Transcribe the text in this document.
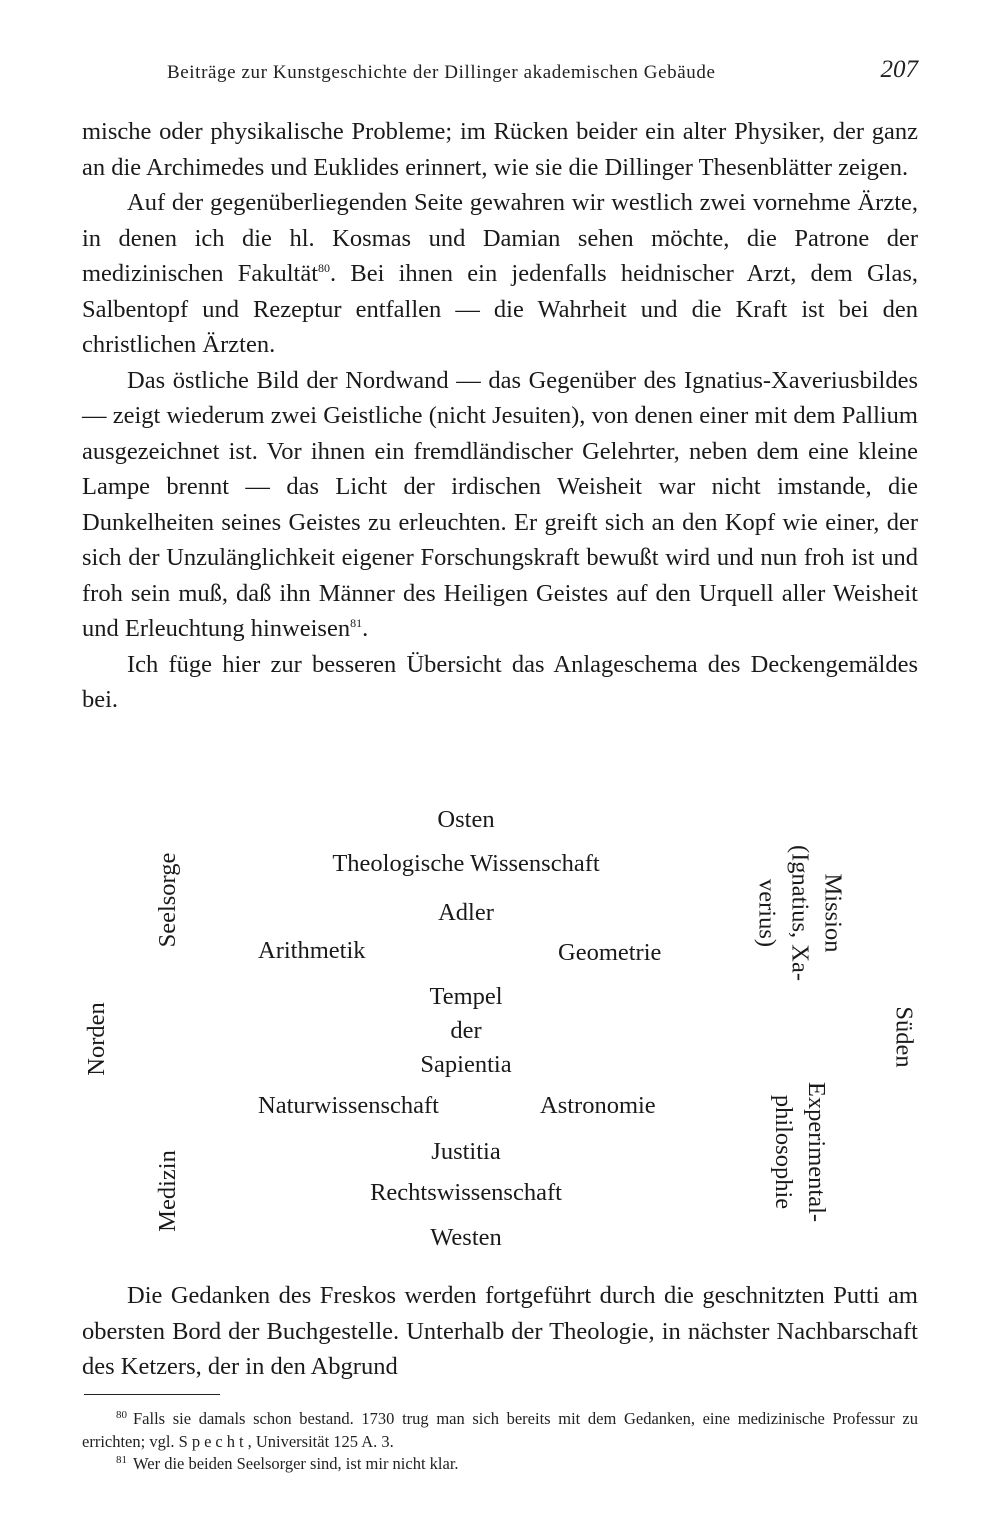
Beiträge zur Kunstgeschichte der Dillinger akademischen Gebäude	207

mische oder physikalische Probleme; im Rücken beider ein alter Physiker, der ganz an die Archimedes und Euklides erinnert, wie sie die Dillinger Thesenblätter zeigen.

Auf der gegenüberliegenden Seite gewahren wir westlich zwei vornehme Ärzte, in denen ich die hl. Kosmas und Damian sehen möchte, die Patrone der medizinischen Fakultät$^{80}$. Bei ihnen ein jedenfalls heidnischer Arzt, dem Glas, Salbentopf und Rezeptur entfallen — die Wahrheit und die Kraft ist bei den christlichen Ärzten.

Das östliche Bild der Nordwand — das Gegenüber des Ignatius-Xaveriusbildes — zeigt wiederum zwei Geistliche (nicht Jesuiten), von denen einer mit dem Pallium ausgezeichnet ist. Vor ihnen ein fremdländischer Gelehrter, neben dem eine kleine Lampe brennt — das Licht der irdischen Weisheit war nicht imstande, die Dunkelheiten seines Geistes zu erleuchten. Er greift sich an den Kopf wie einer, der sich der Unzulänglichkeit eigener Forschungskraft bewußt wird und nun froh ist und froh sein muß, daß ihn Männer des Heiligen Geistes auf den Urquell aller Weisheit und Erleuchtung hinweisen$^{81}$.

Ich füge hier zur besseren Übersicht das Anlageschema des Deckengemäldes bei.

Osten
Theologische Wissenschaft
Adler
Arithmetik	Geometrie
Tempel
der
Sapientia
Naturwissenschaft	Astronomie
Justitia
Rechtswissenschaft
Westen
Seelsorge
Norden
Medizin
Mission
(Ignatius, Xa-
verius)
Süden
Experimental-
philosophie

Die Gedanken des Freskos werden fortgeführt durch die geschnitzten Putti am obersten Bord der Buchgestelle. Unterhalb der Theologie, in nächster Nachbarschaft des Ketzers, der in den Abgrund

$^{80}$ Falls sie damals schon bestand. 1730 trug man sich bereits mit dem Gedanken, eine medizinische Professur zu errichten; vgl. Specht, Universität 125 A. 3.

$^{81}$ Wer die beiden Seelsorger sind, ist mir nicht klar.
